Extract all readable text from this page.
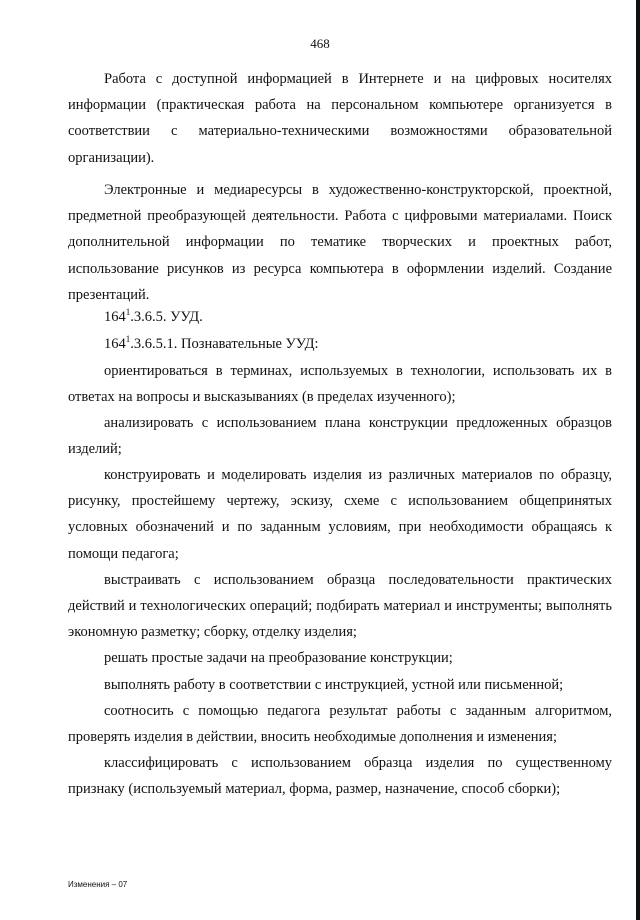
468
Работа с доступной информацией в Интернете и на цифровых носителях информации (практическая работа на персональном компьютере организуется в соответствии с материально-техническими возможностями образовательной организации).
Электронные и медиаресурсы в художественно-конструкторской, проектной, предметной преобразующей деятельности. Работа с цифровыми материалами. Поиск дополнительной информации по тематике творческих и проектных работ, использование рисунков из ресурса компьютера в оформлении изделий. Создание презентаций.
$164^1.3.6.5$. УУД.
$164^1.3.6.5.1$. Познавательные УУД:
ориентироваться в терминах, используемых в технологии, использовать их в ответах на вопросы и высказываниях (в пределах изученного);
анализировать с использованием плана конструкции предложенных образцов изделий;
конструировать и моделировать изделия из различных материалов по образцу, рисунку, простейшему чертежу, эскизу, схеме с использованием общепринятых условных обозначений и по заданным условиям, при необходимости обращаясь к помощи педагога;
выстраивать с использованием образца последовательности практических действий и технологических операций; подбирать материал и инструменты; выполнять экономную разметку; сборку, отделку изделия;
решать простые задачи на преобразование конструкции;
выполнять работу в соответствии с инструкцией, устной или письменной;
соотносить с помощью педагога результат работы с заданным алгоритмом, проверять изделия в действии, вносить необходимые дополнения и изменения;
классифицировать с использованием образца изделия по существенному признаку (используемый материал, форма, размер, назначение, способ сборки);
Изменения – 07
